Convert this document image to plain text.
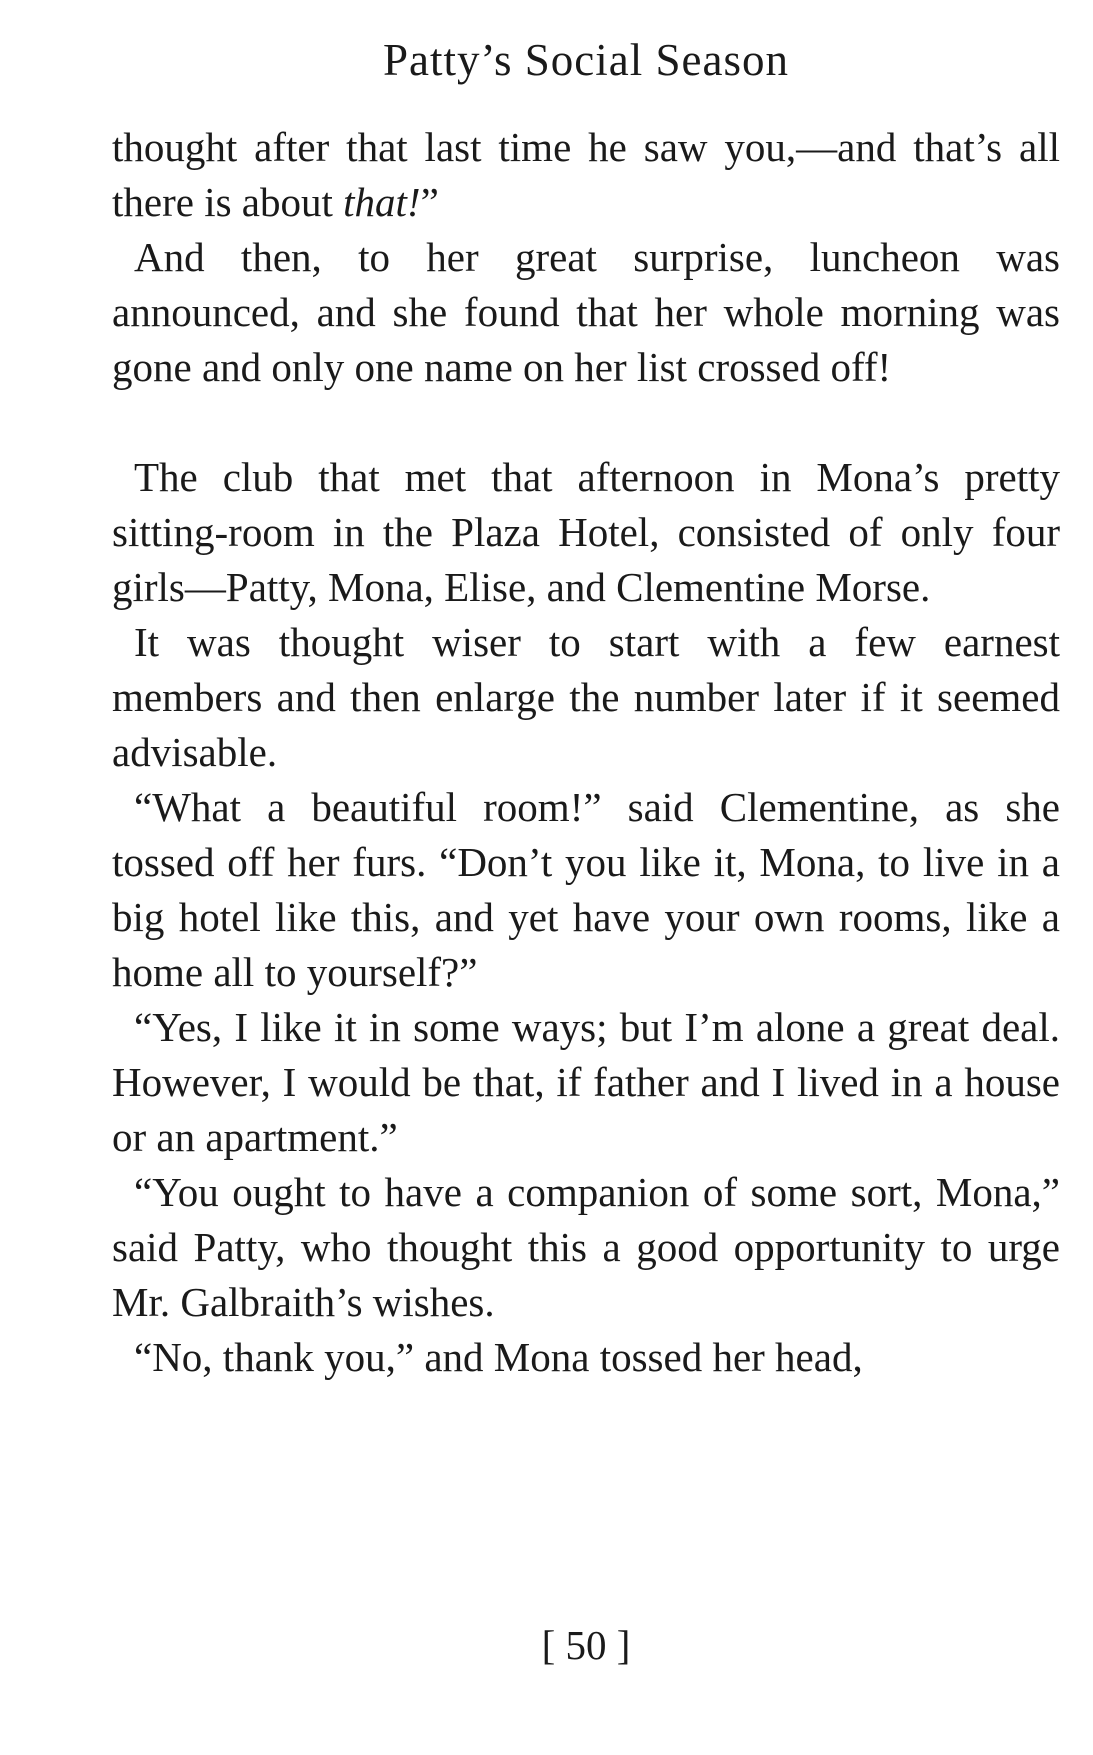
Patty’s Social Season

thought after that last time he saw you,—and that’s all there is about that!”

And then, to her great surprise, luncheon was announced, and she found that her whole morning was gone and only one name on her list crossed off!

The club that met that afternoon in Mona’s pretty sitting-room in the Plaza Hotel, consisted of only four girls—Patty, Mona, Elise, and Clementine Morse.

It was thought wiser to start with a few earnest members and then enlarge the number later if it seemed advisable.

“What a beautiful room!” said Clementine, as she tossed off her furs. “Don’t you like it, Mona, to live in a big hotel like this, and yet have your own rooms, like a home all to yourself?”

“Yes, I like it in some ways; but I’m alone a great deal. However, I would be that, if father and I lived in a house or an apartment.”

“You ought to have a companion of some sort, Mona,” said Patty, who thought this a good opportunity to urge Mr. Galbraith’s wishes.

“No, thank you,” and Mona tossed her head,

[ 50 ]
